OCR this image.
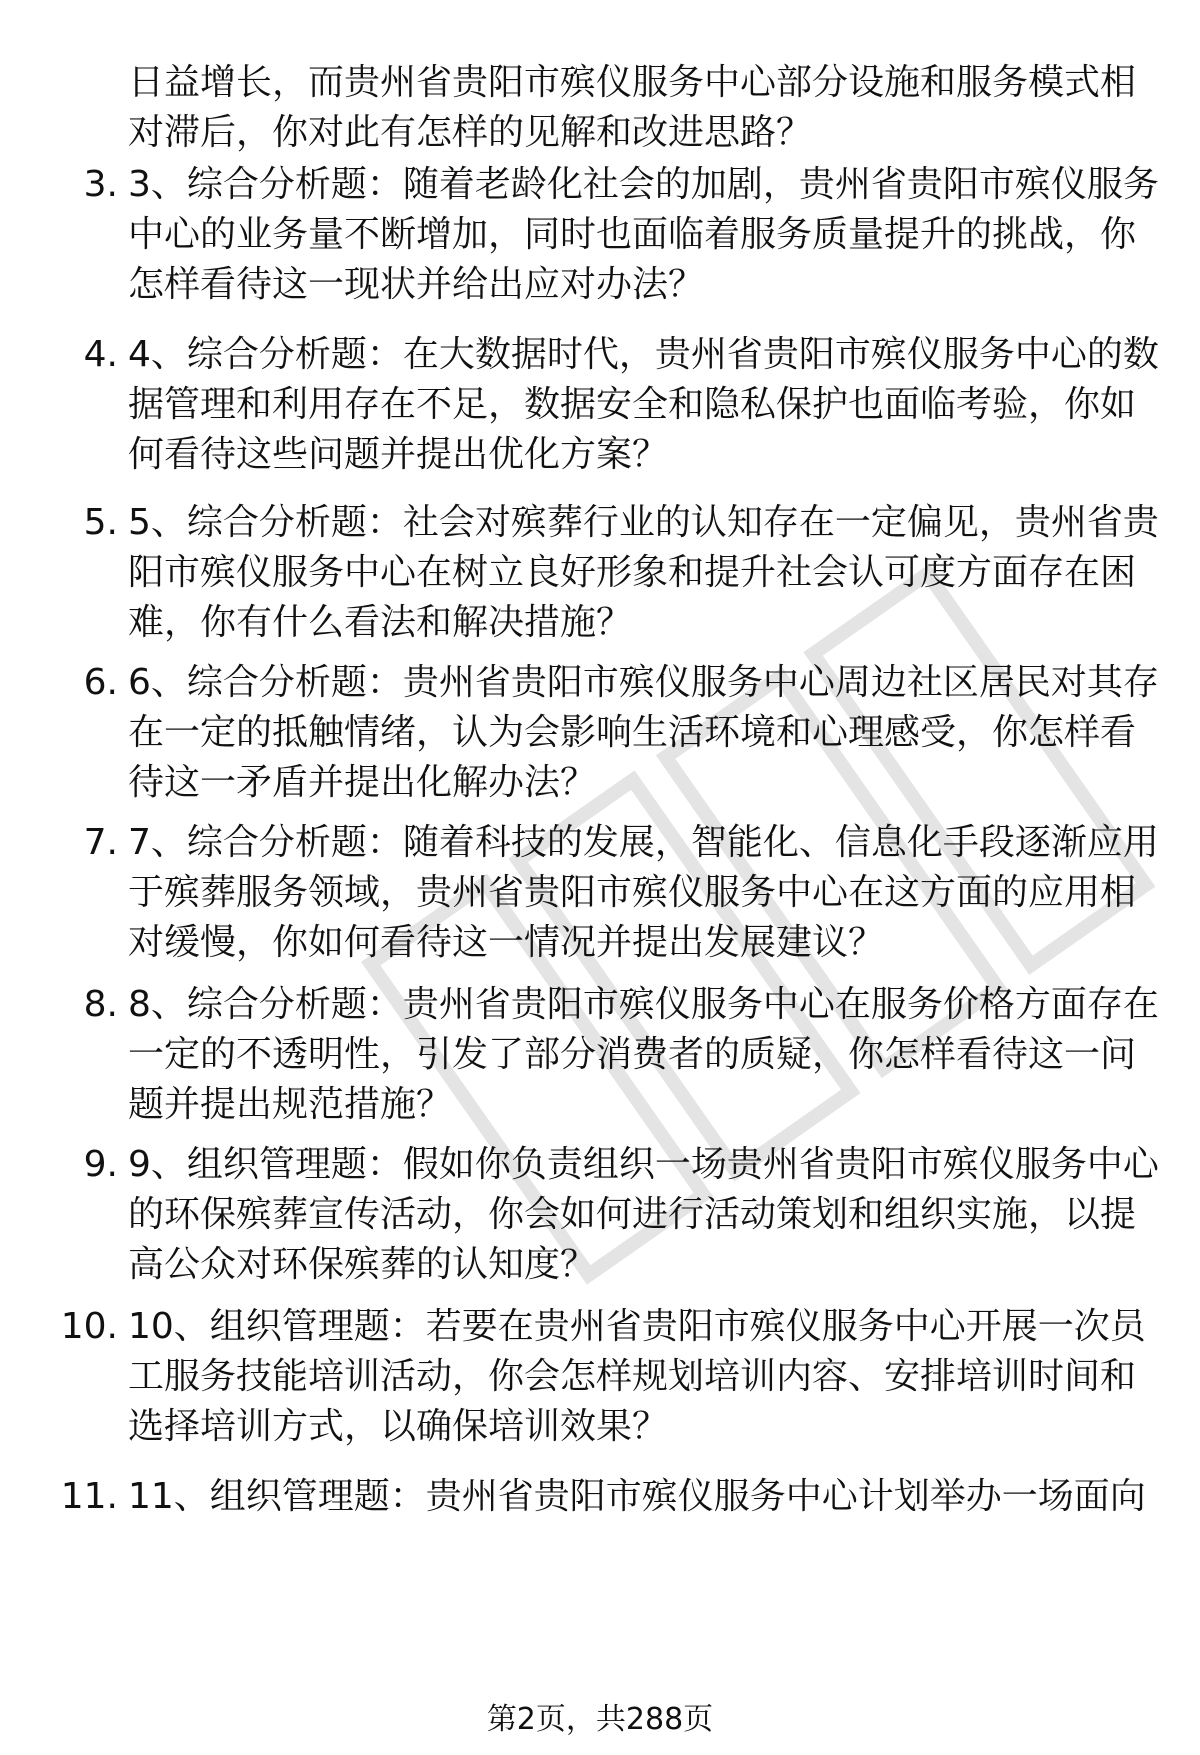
日益增长，而贵州省贵阳市殡仪服务中心部分设施和服务模式相对滞后，你对此有怎样的见解和改进思路？
3. 3、综合分析题：随着老龄化社会的加剧，贵州省贵阳市殡仪服务中心的业务量不断增加，同时也面临着服务质量提升的挑战，你怎样看待这一现状并给出应对办法？
4. 4、综合分析题：在大数据时代，贵州省贵阳市殡仪服务中心的数据管理和利用存在不足，数据安全和隐私保护也面临考验，你如何看待这些问题并提出优化方案？
5. 5、综合分析题：社会对殡葬行业的认知存在一定偏见，贵州省贵阳市殡仪服务中心在树立良好形象和提升社会认可度方面存在困难，你有什么看法和解决措施？
6. 6、综合分析题：贵州省贵阳市殡仪服务中心周边社区居民对其存在一定的抵触情绪，认为会影响生活环境和心理感受，你怎样看待这一矛盾并提出化解办法？
7. 7、综合分析题：随着科技的发展，智能化、信息化手段逐渐应用于殡葬服务领域，贵州省贵阳市殡仪服务中心在这方面的应用相对缓慢，你如何看待这一情况并提出发展建议？
8. 8、综合分析题：贵州省贵阳市殡仪服务中心在服务价格方面存在一定的不透明性，引发了部分消费者的质疑，你怎样看待这一问题并提出规范措施？
9. 9、组织管理题：假如你负责组织一场贵州省贵阳市殡仪服务中心的环保殡葬宣传活动，你会如何进行活动策划和组织实施，以提高公众对环保殡葬的认知度？
10. 10、组织管理题：若要在贵州省贵阳市殡仪服务中心开展一次员工服务技能培训活动，你会怎样规划培训内容、安排培训时间和选择培训方式，以确保培训效果？
11. 11、组织管理题：贵州省贵阳市殡仪服务中心计划举办一场面向
第2页，共288页
